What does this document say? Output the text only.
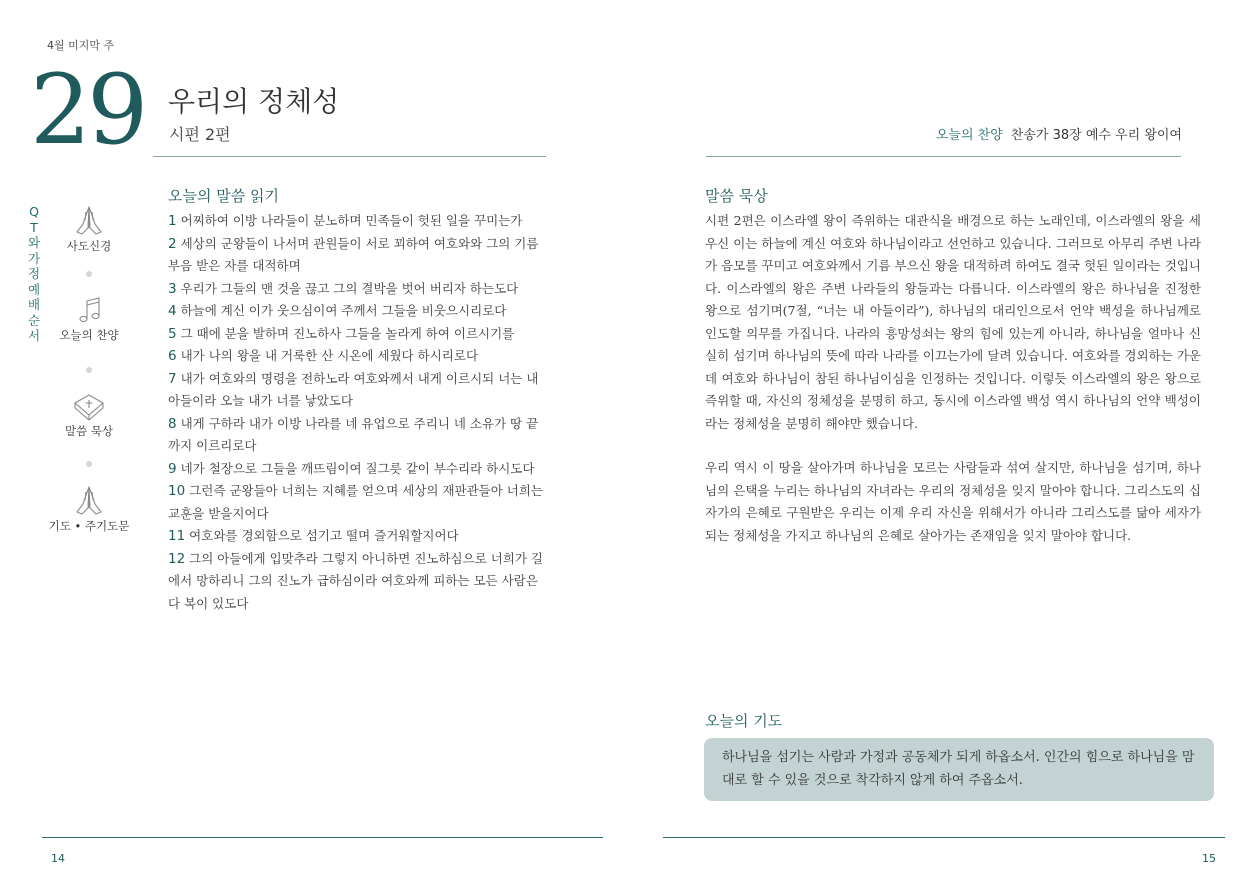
4월 미지막 주
29 우리의 정체성
시편 2편
QT와 가정예배 순서
사도신경
오늘의 찬양
말씀 묵상
기도 • 주기도문
오늘의 말씀 읽기

1 어찌하여 이방 나라들이 분노하며 민족들이 헛된 일을 꾸미는가

2 세상의 군왕들이 나서며 관원들이 서로 꾀하여 여호와와 그의 기름 부음 받은 자를 대적하며

3 우리가 그들의 맨 것을 끊고 그의 결박을 벗어 버리자 하는도다

4 하늘에 계신 이가 웃으심이여 주께서 그들을 비웃으시리로다

5 그 때에 분을 발하며 진노하사 그들을 놀라게 하여 이르시기를

6 내가 나의 왕을 내 거룩한 산 시온에 세웠다 하시리로다

7 내가 여호와의 명령을 전하노라 여호와께서 내게 이르시되 너는 내 아들이라 오늘 내가 너를 낳았도다

8 내게 구하라 내가 이방 나라를 네 유업으로 주리니 네 소유가 땅 끝까지 이르리로다

9 네가 철장으로 그들을 깨뜨림이여 질그릇 같이 부수리라 하시도다

10 그런즉 군왕들아 너희는 지혜를 얻으며 세상의 재판관들아 너희는 교훈을 받을지어다

11 여호와를 경외함으로 섬기고 떨며 즐거워할지어다

12 그의 아들에게 입맞추라 그렇지 아니하면 진노하심으로 너희가 길에서 망하리니 그의 진노가 급하심이라 여호와께 피하는 모든 사람은 다 복이 있도다

14
오늘의 찬양 찬송가 38장 예수 우리 왕이여
말씀 묵상

시편 2편은 이스라엘 왕이 즉위하는 대관식을 배경으로 하는 노래인데, 이스라엘의 왕을 세우신 이는 하늘에 계신 여호와 하나님이라고 선언하고 있습니다. 그러므로 아무리 주변 나라가 음모를 꾸미고 여호와께서 기름 부으신 왕을 대적하려 하여도 결국 헛된 일이라는 것입니다. 이스라엘의 왕은 주변 나라들의 왕들과는 다릅니다. 이스라엘의 왕은 하나님을 진정한 왕으로 섬기며(7절, “너는 내 아들이라”), 하나님의 대리인으로서 언약 백성을 하나님께로 인도할 의무를 가집니다. 나라의 흥망성쇠는 왕의 힘에 있는게 아니라, 하나님을 얼마나 신실히 섬기며 하나님의 뜻에 따라 나라를 이끄는가에 달려 있습니다. 여호와를 경외하는 가운데 여호와 하나님이 참된 하나님이심을 인정하는 것입니다. 이렇듯 이스라엘의 왕은 왕으로 즉위할 때, 자신의 정체성을 분명히 하고, 동시에 이스라엘 백성 역시 하나님의 언약 백성이라는 정체성을 분명히 해야만 했습니다.

우리 역시 이 땅을 살아가며 하나님을 모르는 사람들과 섞여 살지만, 하나님을 섬기며, 하나님의 은택을 누리는 하나님의 자녀라는 우리의 정체성을 잊지 말아야 합니다. 그리스도의 십자가의 은혜로 구원받은 우리는 이제 우리 자신을 위해서가 아니라 그리스도를 닮아 세자가 되는 정체성을 가지고 하나님의 은혜로 살아가는 존재임을 잊지 말아야 합니다.

오늘의 기도
하나님을 섬기는 사람과 가정과 공동체가 되게 하옵소서. 인간의 힘으로 하나님을 맘대로 할 수 있을 것으로 착각하지 않게 하여 주옵소서.
15
